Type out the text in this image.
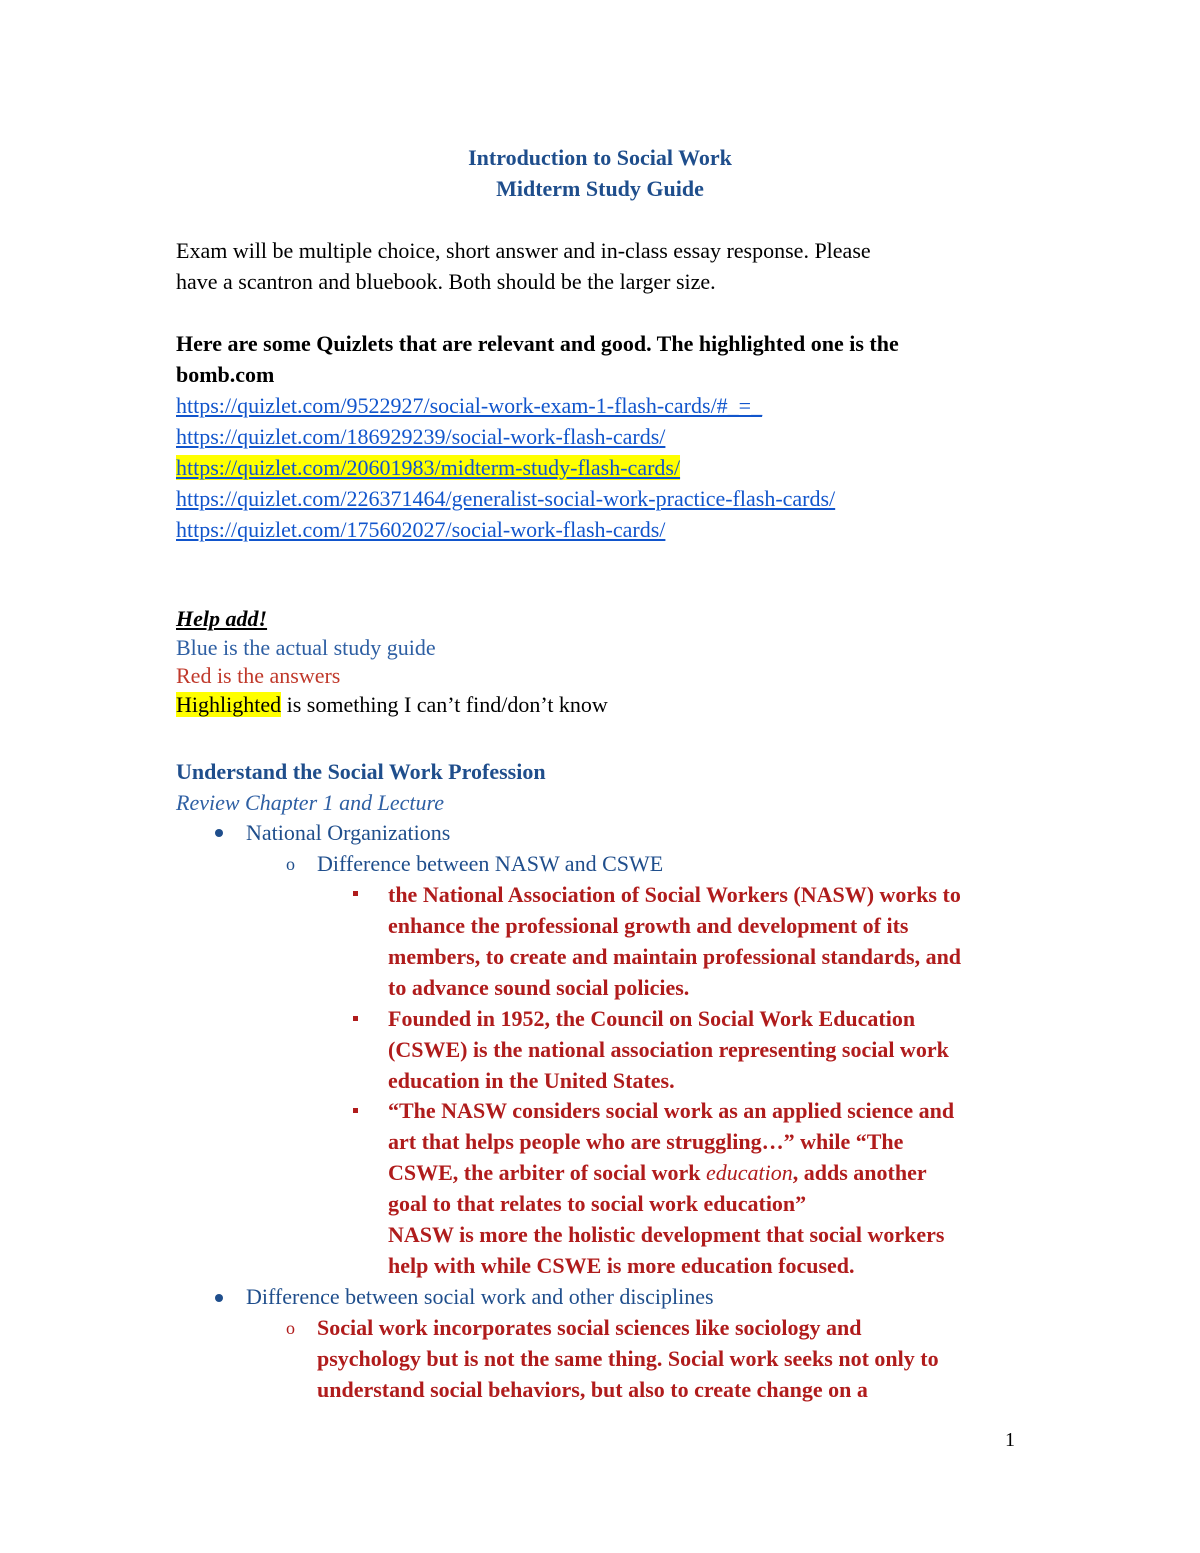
Introduction to Social Work
Midterm Study Guide
Exam will be multiple choice, short answer and in-class essay response. Please
have a scantron and bluebook. Both should be the larger size.
Here are some Quizlets that are relevant and good. The highlighted one is the
bomb.com
https://quizlet.com/9522927/social-work-exam-1-flash-cards/#_=_
https://quizlet.com/186929239/social-work-flash-cards/
https://quizlet.com/20601983/midterm-study-flash-cards/
https://quizlet.com/226371464/generalist-social-work-practice-flash-cards/
https://quizlet.com/175602027/social-work-flash-cards/
Help add!
Blue is the actual study guide
Red is the answers
Highlighted is something I can’t find/don’t know
Understand the Social Work Profession
Review Chapter 1 and Lecture
National Organizations
o Difference between NASW and CSWE
the National Association of Social Workers (NASW) works to
enhance the professional growth and development of its
members, to create and maintain professional standards, and
to advance sound social policies.
Founded in 1952, the Council on Social Work Education
(CSWE) is the national association representing social work
education in the United States.
“The NASW considers social work as an applied science and
art that helps people who are struggling…” while “The
CSWE, the arbiter of social work education, adds another
goal to that relates to social work education”
NASW is more the holistic development that social workers
help with while CSWE is more education focused.
Difference between social work and other disciplines
o Social work incorporates social sciences like sociology and
psychology but is not the same thing. Social work seeks not only to
understand social behaviors, but also to create change on a
1
